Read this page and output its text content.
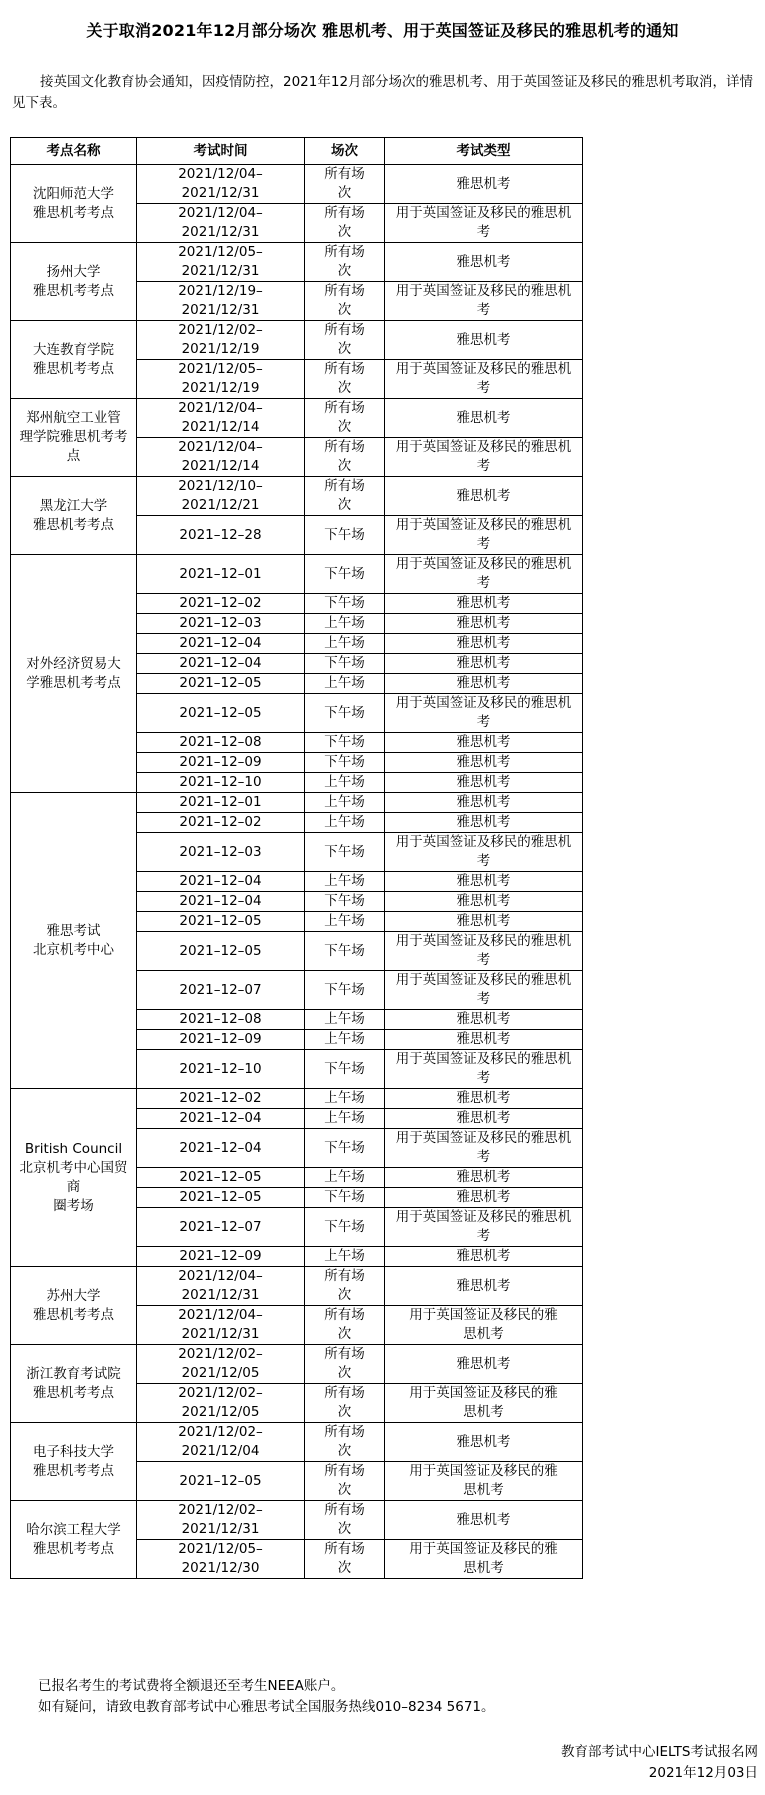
关于取消2021年12月部分场次 雅思机考、用于英国签证及移民的雅思机考的通知
接英国文化教育协会通知，因疫情防控，2021年12月部分场次的雅思机考、用于英国签证及移民的雅思机考取消，详情见下表。
考点名称	考试时间	场次	考试类型	

沈阳师范大学
雅思机考考点	2021/12/04–
2021/12/31	所有场
次	雅思机考	

	2021/12/04–
2021/12/31	所有场
次	用于英国签证及移民的雅思机
考	

扬州大学
雅思机考考点	2021/12/05–
2021/12/31	所有场
次	雅思机考	

	2021/12/19–
2021/12/31	所有场
次	用于英国签证及移民的雅思机
考	

大连教育学院
雅思机考考点	2021/12/02–
2021/12/19	所有场
次	雅思机考	

	2021/12/05–
2021/12/19	所有场
次	用于英国签证及移民的雅思机
考	

郑州航空工业管
理学院雅思机考考点	2021/12/04–
2021/12/14	所有场
次	雅思机考	

	2021/12/04–
2021/12/14	所有场
次	用于英国签证及移民的雅思机
考	

黑龙江大学
雅思机考考点	2021/12/10–
2021/12/21	所有场
次	雅思机考	

	2021–12–28	下午场	用于英国签证及移民的雅思机
考	

对外经济贸易大
学雅思机考考点	2021–12–01	下午场	用于英国签证及移民的雅思机
考	

	2021–12–02	下午场	雅思机考	

	2021–12–03	上午场	雅思机考	

	2021–12–04	上午场	雅思机考	

	2021–12–04	下午场	雅思机考	

	2021–12–05	上午场	雅思机考	

	2021–12–05	下午场	用于英国签证及移民的雅思机
考	

	2021–12–08	下午场	雅思机考	

	2021–12–09	下午场	雅思机考	

	2021–12–10	上午场	雅思机考	

雅思考试
北京机考中心	2021–12–01	上午场	雅思机考	

	2021–12–02	上午场	雅思机考	

	2021–12–03	下午场	用于英国签证及移民的雅思机
考	

	2021–12–04	上午场	雅思机考	

	2021–12–04	下午场	雅思机考	

	2021–12–05	上午场	雅思机考	

	2021–12–05	下午场	用于英国签证及移民的雅思机
考	

	2021–12–07	下午场	用于英国签证及移民的雅思机
考	

	2021–12–08	上午场	雅思机考	

	2021–12–09	上午场	雅思机考	

	2021–12–10	下午场	用于英国签证及移民的雅思机
考	

British Council
北京机考中心国贸商
圈考场	2021–12–02	上午场	雅思机考	

	2021–12–04	上午场	雅思机考	

	2021–12–04	下午场	用于英国签证及移民的雅思机
考	

	2021–12–05	上午场	雅思机考	

	2021–12–05	下午场	雅思机考	

	2021–12–07	下午场	用于英国签证及移民的雅思机
考	

	2021–12–09	上午场	雅思机考	

苏州大学
雅思机考考点	2021/12/04–
2021/12/31	所有场
次	雅思机考	

	2021/12/04–
2021/12/31	所有场
次	用于英国签证及移民的雅
思机考	

浙江教育考试院
雅思机考考点	2021/12/02–
2021/12/05	所有场
次	雅思机考	

	2021/12/02–
2021/12/05	所有场
次	用于英国签证及移民的雅
思机考	

电子科技大学
雅思机考考点	2021/12/02–
2021/12/04	所有场
次	雅思机考	

	2021–12–05	所有场
次	用于英国签证及移民的雅
思机考	

哈尔滨工程大学
雅思机考考点	2021/12/02–
2021/12/31	所有场
次	雅思机考	

	2021/12/05–
2021/12/30	所有场
次	用于英国签证及移民的雅
思机考	

已报名考生的考试费将全额退还至考生NEEA账户。
如有疑问，请致电教育部考试中心雅思考试全国服务热线010–8234 5671。
教育部考试中心IELTS考试报名网
2021年12月03日
